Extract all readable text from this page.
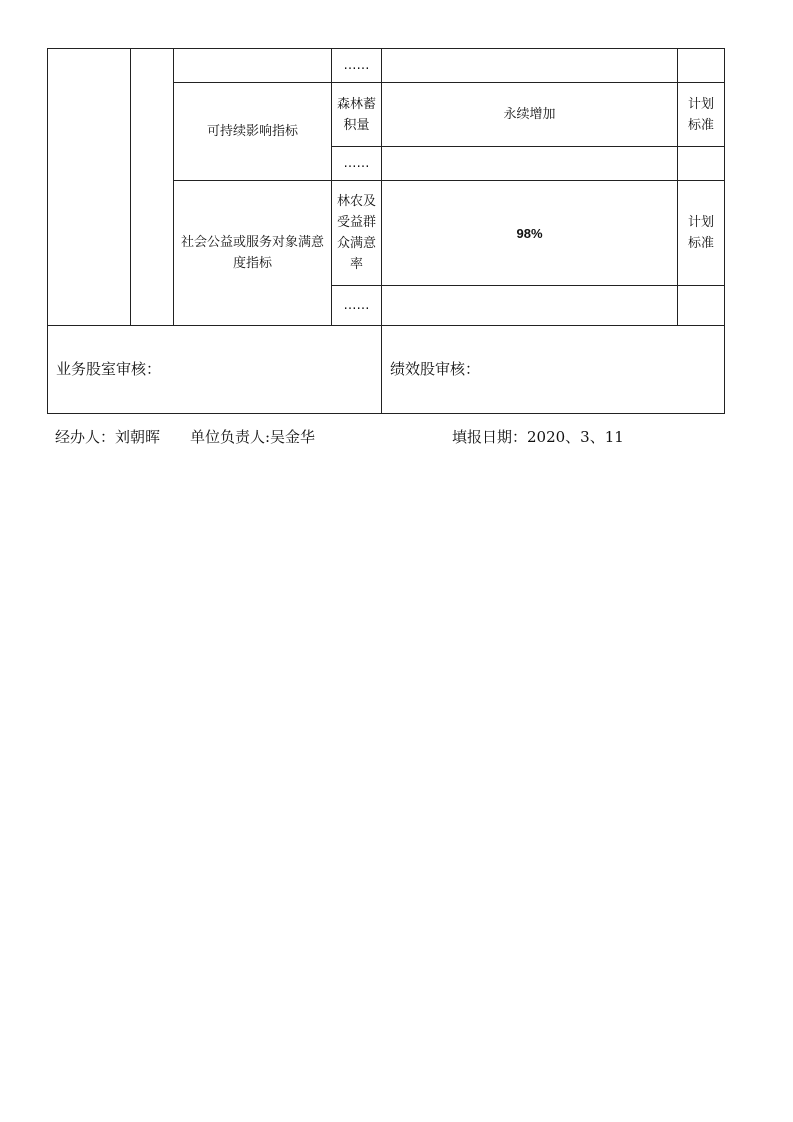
			……		
		可持续影响指标	森林蓄积量	永续增加	计划标准
			……		
		社会公益或服务对象满意度指标	林农及受益群众满意率	98%	计划标准
			……		
业务股室审核：				绩效股审核：	
经办人：刘朝晖 单位负责人:吴金华	填报日期：2020、3、11
